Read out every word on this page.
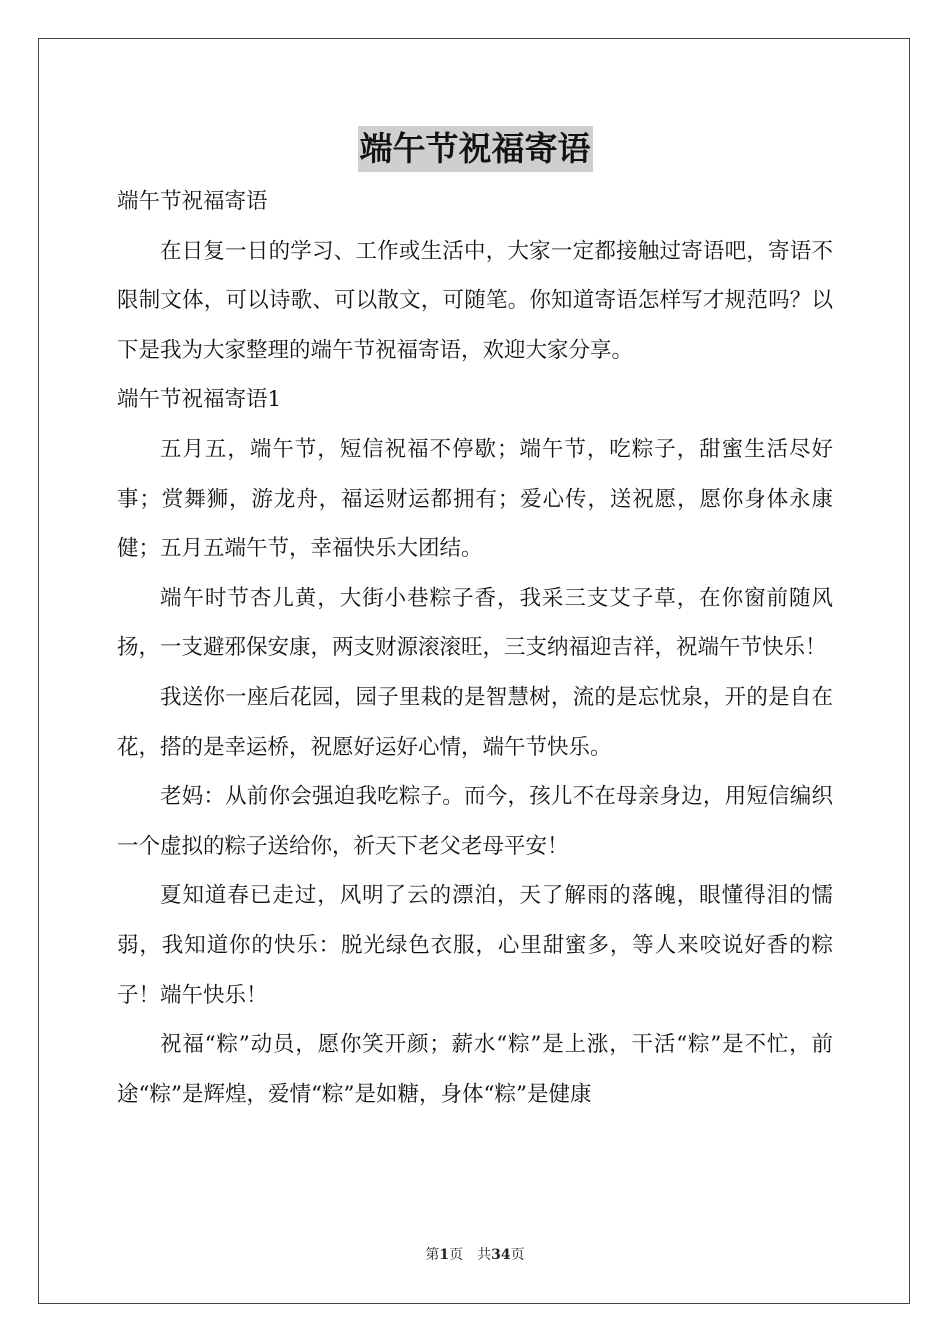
端午节祝福寄语

端午节祝福寄语

在日复一日的学习、工作或生活中，大家一定都接触过寄语吧，寄语不限制文体，可以诗歌、可以散文，可随笔。你知道寄语怎样写才规范吗？以下是我为大家整理的端午节祝福寄语，欢迎大家分享。

端午节祝福寄语1

五月五，端午节，短信祝福不停歇；端午节，吃粽子，甜蜜生活尽好事；赏舞狮，游龙舟，福运财运都拥有；爱心传，送祝愿，愿你身体永康健；五月五端午节，幸福快乐大团结。

端午时节杏儿黄，大街小巷粽子香，我采三支艾子草，在你窗前随风扬，一支避邪保安康，两支财源滚滚旺，三支纳福迎吉祥，祝端午节快乐！

我送你一座后花园，园子里栽的是智慧树，流的是忘忧泉，开的是自在花，搭的是幸运桥，祝愿好运好心情，端午节快乐。

老妈：从前你会强迫我吃粽子。而今，孩儿不在母亲身边，用短信编织一个虚拟的粽子送给你，祈天下老父老母平安！

夏知道春已走过，风明了云的漂泊，天了解雨的落魄，眼懂得泪的懦弱，我知道你的快乐：脱光绿色衣服，心里甜蜜多，等人来咬说好香的粽子！端午快乐！

祝福“粽”动员，愿你笑开颜；薪水“粽”是上涨，干活“粽”是不忙，前途“粽”是辉煌，爱情“粽”是如糖，身体“粽”是健康

第1页 共34页
